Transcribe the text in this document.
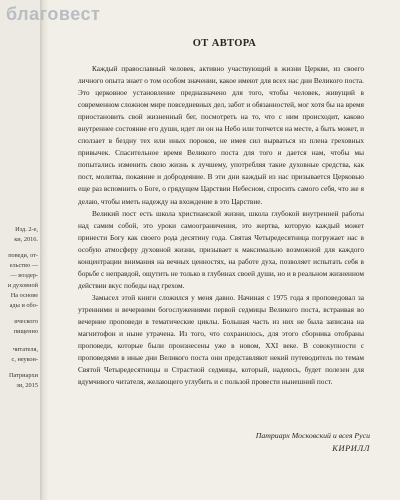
Изд. 2-е,
ки, 2016.
поведи, от-
ельство —
— воздер-
и духовной
На основе
ады и обо-
ического
пищенно
читателя,
с, неукон-
Патриархи
зи, 2015
благовест
ОТ АВТОРА

Каждый православный человек, активно участвующий в жизни Церкви, из своего личного опыта знает о том особом значении, какое имеют для всех нас дни Великого поста. Это церковное установление предназначено для того, чтобы человек, живущий в современном сложном мире повседневных дел, забот и обязанностей, мог хотя бы на время приостановить свой жизненный бег, посмотреть на то, что с ним происходит, каково внутреннее состояние его души, идет ли он на Небо или топчется на месте, а быть может, и сползает в бездну тех или иных пороков, не имея сил вырваться из плена греховных привычек. Спасительное время Великого поста для того и дается нам, чтобы мы попытались изменить свою жизнь к лучшему, употребляя такие духовные средства, как пост, молитва, покаяние и добродеяние. В эти дни каждый из нас призывается Церковью еще раз вспомнить о Боге, о грядущем Царствии Небесном, спросить самого себя, что же я делаю, чтобы иметь надежду на вхождение в это Царствие.

Великий пост есть школа христианской жизни, школа глубокой внутренней работы над самим собой, это уроки самоограничения, это жертва, которую каждый может принести Богу как своего рода десятину года. Святая Четыредесятница погружает нас в особую атмосферу духовной жизни, призывает к максимально возможной для каждого концентрации внимания на вечных ценностях, на работе духа, позволяет испытать себя в борьбе с неправдой, ощутить не только в глубинах своей души, но и в реальном жизненном действии вкус победы над грехом.

Замысел этой книги сложился у меня давно. Начиная с 1975 года я проповедовал за утренними и вечерними богослужениями первой седмицы Великого поста, встраивая во вечерние проповеди в тематические циклы. Большая часть из них не была записана на магнитофон и ныне утрачена. Из того, что сохранилось, для этого сборника отобраны проповеди, которые были произнесены уже в новом, XXI веке. В совокупности с проповедями в иные дни Великого поста они представляют некий путеводитель по темам Святой Четыредесятницы и Страстной седмицы, который, надеюсь, будет полезен для вдумчивого читателя, желающего углубить и с пользой провести нынешний пост.

Патриарх Московский и всея Руси
КИРИЛЛ
